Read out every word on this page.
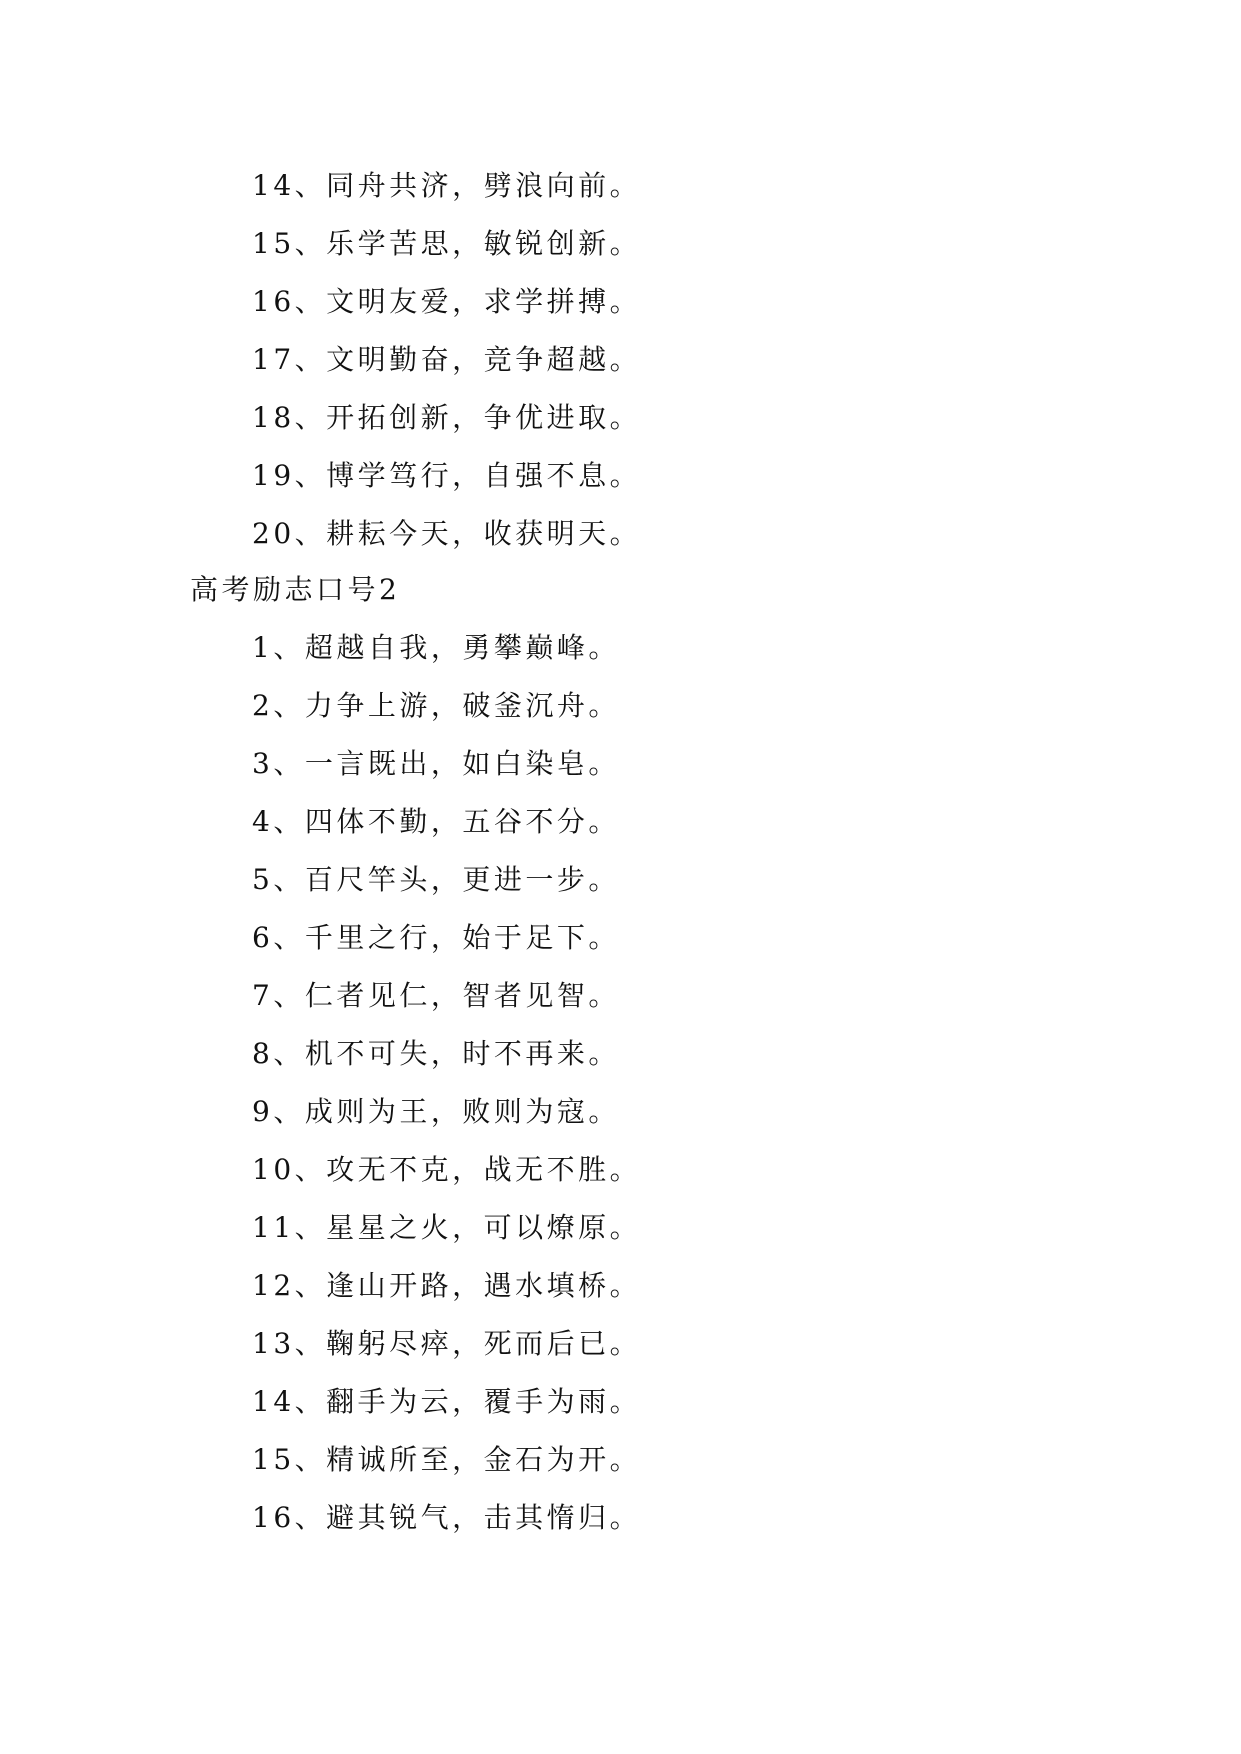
14、同舟共济，劈浪向前。
15、乐学苦思，敏锐创新。
16、文明友爱，求学拼搏。
17、文明勤奋，竞争超越。
18、开拓创新，争优进取。
19、博学笃行，自强不息。
20、耕耘今天，收获明天。
高考励志口号2
1、超越自我，勇攀巅峰。
2、力争上游，破釜沉舟。
3、一言既出，如白染皂。
4、四体不勤，五谷不分。
5、百尺竿头，更进一步。
6、千里之行，始于足下。
7、仁者见仁，智者见智。
8、机不可失，时不再来。
9、成则为王，败则为寇。
10、攻无不克，战无不胜。
11、星星之火，可以燎原。
12、逢山开路，遇水填桥。
13、鞠躬尽瘁，死而后已。
14、翻手为云，覆手为雨。
15、精诚所至，金石为开。
16、避其锐气，击其惰归。
